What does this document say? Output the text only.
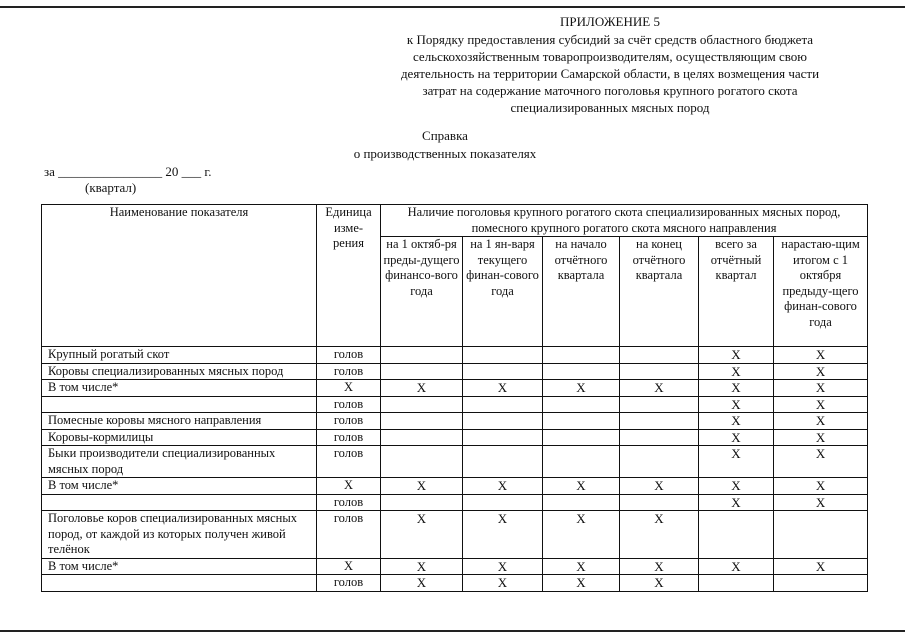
ПРИЛОЖЕНИЕ 5
к Порядку предоставления субсидий за счёт средств областного бюджета
сельскохозяйственным товаропроизводителям, осуществляющим свою
деятельность на территории Самарской области, в целях возмещения части
затрат на содержание маточного поголовья крупного рогатого скота
специализированных мясных пород
Справка
о производственных показателях
за ________________ 20 ___ г.
(квартал)
Наименование показателя	Единица изме-рения	Наличие поголовья крупного рогатого скота специализированных мясных пород, помесного крупного рогатого скота мясного направления					
		на 1 октяб-ря преды-дущего финансо-вого года	на 1 ян-варя текущего финан-сового года	на начало отчётного квартала	на конец отчётного квартала	всего за отчётный квартал	нарастаю-щим итогом с 1 октября предыду-щего финан-сового года
Крупный рогатый скот	голов					X	X
Коровы специализированных мясных пород	голов					X	X
В том числе*	X	X	X	X	X	X	X
	голов					X	X
Помесные коровы мясного направления	голов					X	X
Коровы-кормилицы	голов					X	X
Быки производители специализированных мясных пород	голов					X	X
В том числе*	X	X	X	X	X	X	X
	голов					X	X
Поголовье коров специализированных мясных пород, от каждой из которых получен живой телёнок	голов	X	X	X	X		
В том числе*	X	X	X	X	X	X	X
	голов	X	X	X	X		
